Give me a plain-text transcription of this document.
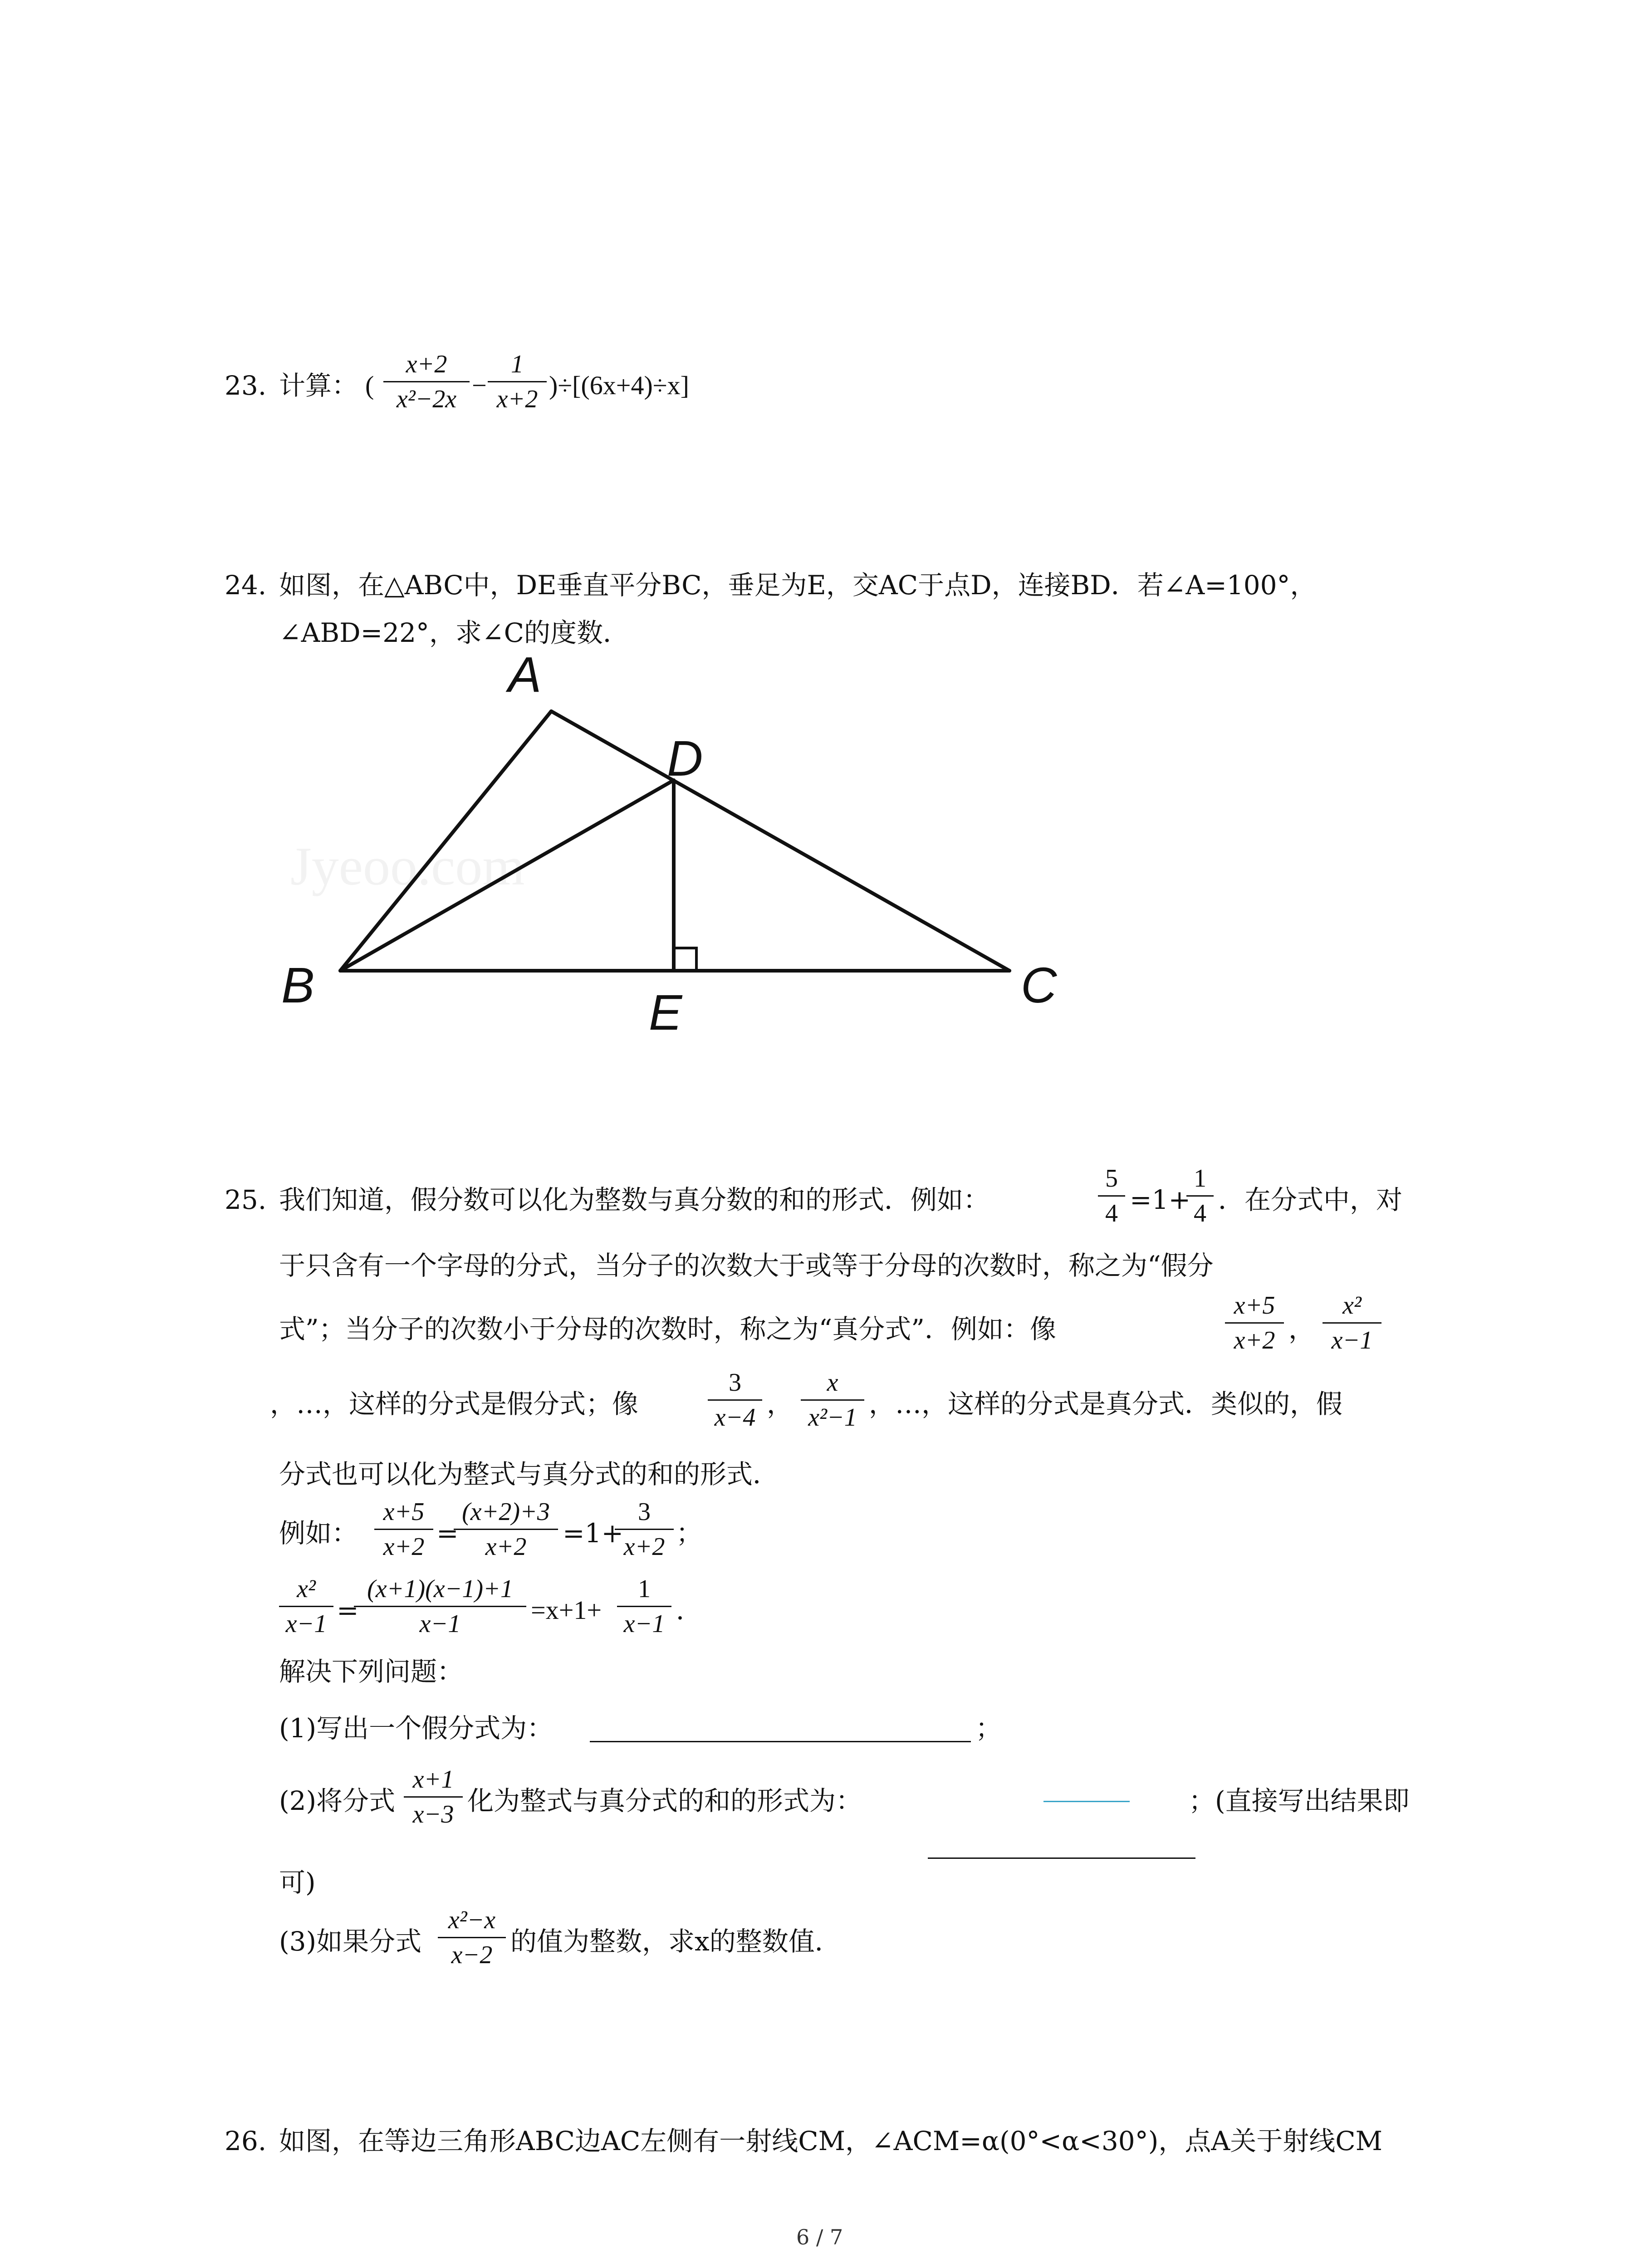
23. 计算： (
x+2
x²−2x −
1
x+2 )÷[(6x+4)÷x]
24. 如图，在△ABC中，DE垂直平分BC，垂足为E，交AC于点D，连接BD．若∠A=100°，
∠ABD=22°，求∠C的度数．
Jyeoo.com
A
D
B	E	C
25. 我们知道，假分数可以化为整数与真分数的和的形式．例如：
5
4 =1+
1
4 ．在分式中，对
于只含有一个字母的分式，当分子的次数大于或等于分母的次数时，称之为“假分
式”；当分子的次数小于分母的次数时，称之为“真分式”．例如：像
x+5
x+2 ，
x²
x−1
，…，这样的分式是假分式；像
3
x−4 ，
x
x²−1 ，…，这样的分式是真分式．类似的，假
分式也可以化为整式与真分式的和的形式．
例如：
x+5
x+2 =
(x+2)+3
x+2	=1+
3
x+2 ；
x²
x−1 =
(x+1)(x−1)+1
x−1	=x+1+
1
x−1 ．
解决下列问题：
(1)写出一个假分式为：	；
(2)将分式
x+1
x−3 化为整式与真分式的和的形式为：	；(直接写出结果即
可)
(3)如果分式
x²−x
x−2 的值为整数，求x的整数值．
26. 如图，在等边三角形ABC边AC左侧有一射线CM，∠ACM=α(0°<α<30°)，点A关于射线CM
6 / 7
